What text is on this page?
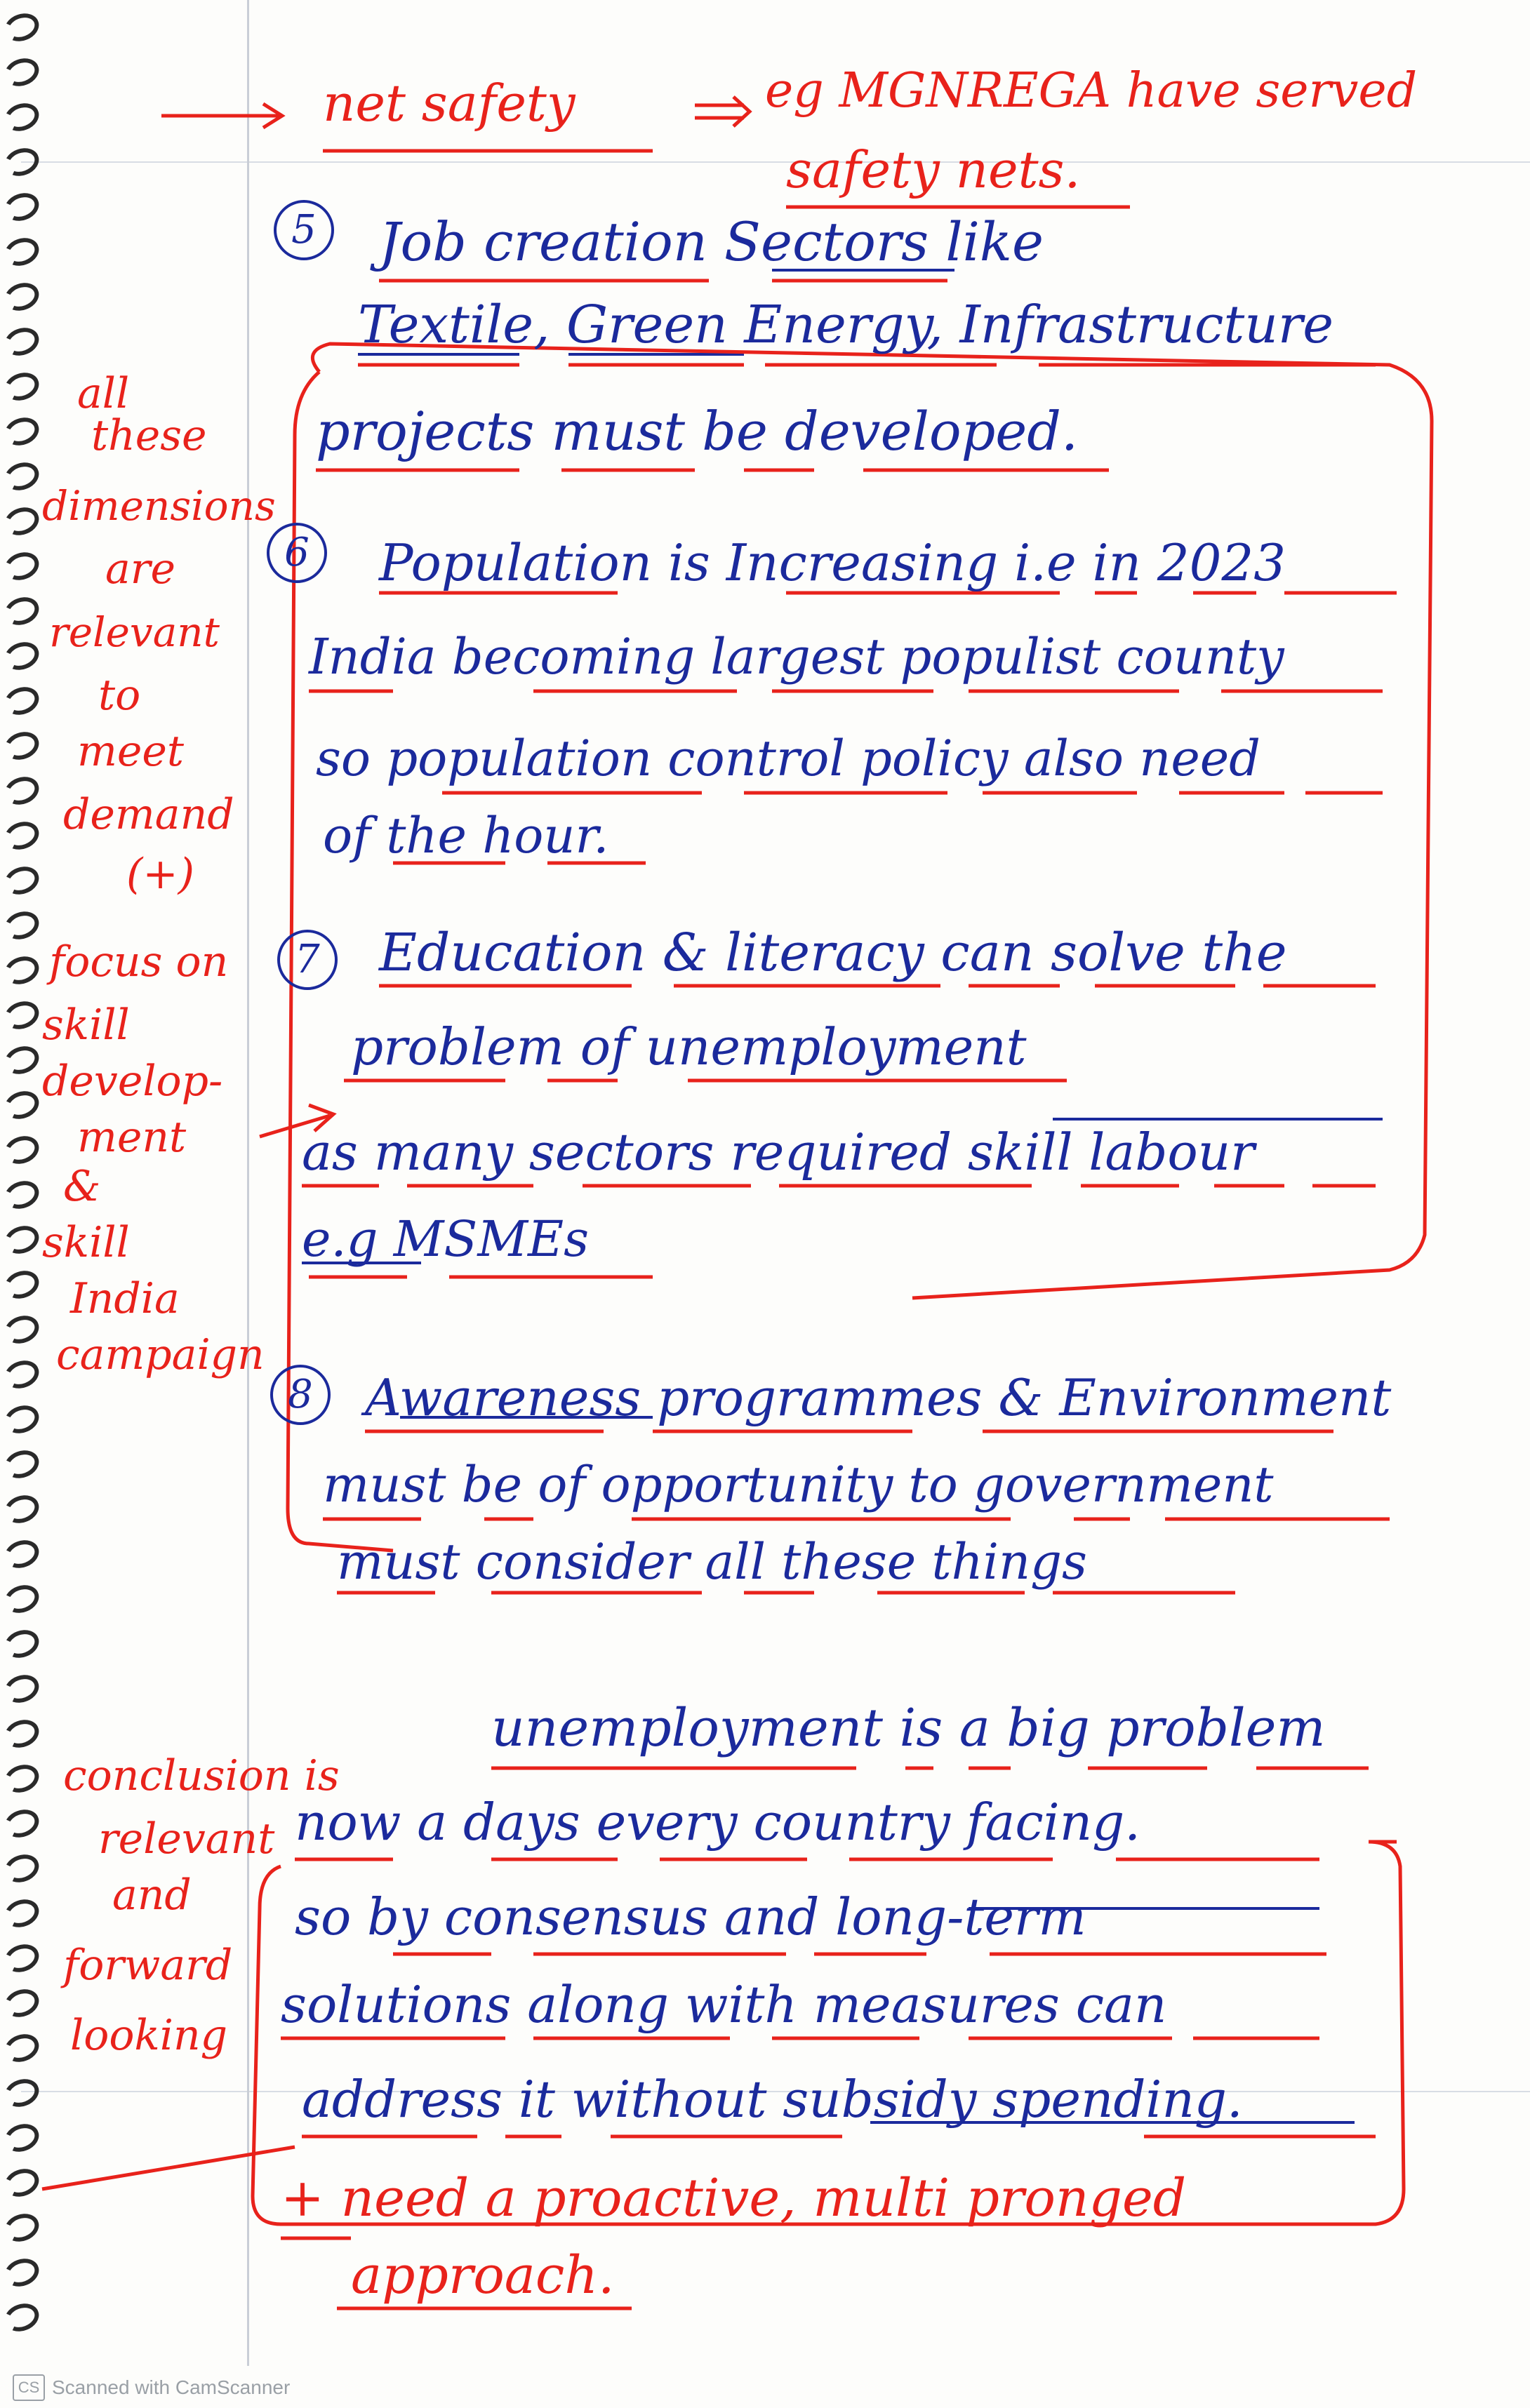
net safety	eg MGNREGA have served
safety nets.
5	Job creation Sectors like
Textile, Green Energy, Infrastructure
projects must be developed.
6	Population is Increasing i.e in 2023
India becoming largest populist county
so population control policy also need
of the hour.
7	Education & literacy can solve the
problem of unemployment
as many sectors required skill labour
e.g MSMEs
8	Awareness programmes & Environment
must be of opportunity to government
must consider all these things
unemployment is a big problem
now a days every country facing.
so by consensus and long-term
solutions along with measures can
address it without subsidy spending.
+ need a proactive, multi pronged
approach.
all
these
dimensions
are
relevant
to
meet
demand
(+)
focus on
skill
develop-
ment
&
skill
India
campaign
conclusion is
relevant
and
forward
looking
CS Scanned with CamScanner
